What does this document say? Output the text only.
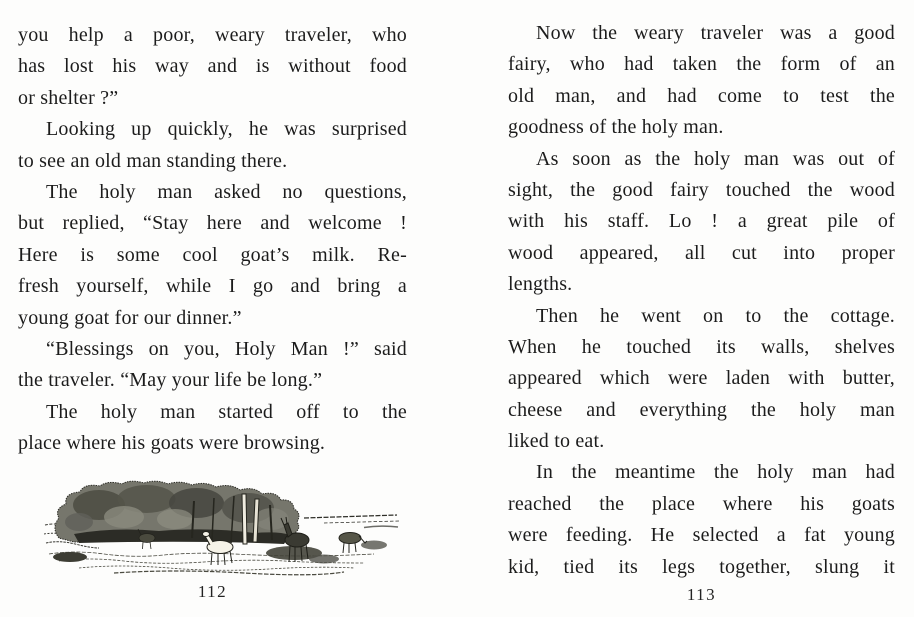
you help a poor, weary traveler, who
has lost his way and is without food
or shelter ?”
Looking up quickly, he was surprised
to see an old man standing there.
The holy man asked no questions,
but replied, “Stay here and welcome !
Here is some cool goat’s milk. Re-
fresh yourself, while I go and bring a
young goat for our dinner.”
“Blessings on you, Holy Man !” said
the traveler. “May your life be long.”
The holy man started off to the
place where his goats were browsing.
112
Now the weary traveler was a good
fairy, who had taken the form of an
old man, and had come to test the
goodness of the holy man.
As soon as the holy man was out of
sight, the good fairy touched the wood
with his staff. Lo ! a great pile of
wood appeared, all cut into proper
lengths.
Then he went on to the cottage.
When he touched its walls, shelves
appeared which were laden with butter,
cheese and everything the holy man
liked to eat.
In the meantime the holy man had
reached the place where his goats
were feeding. He selected a fat young
kid, tied its legs together, slung it
113
